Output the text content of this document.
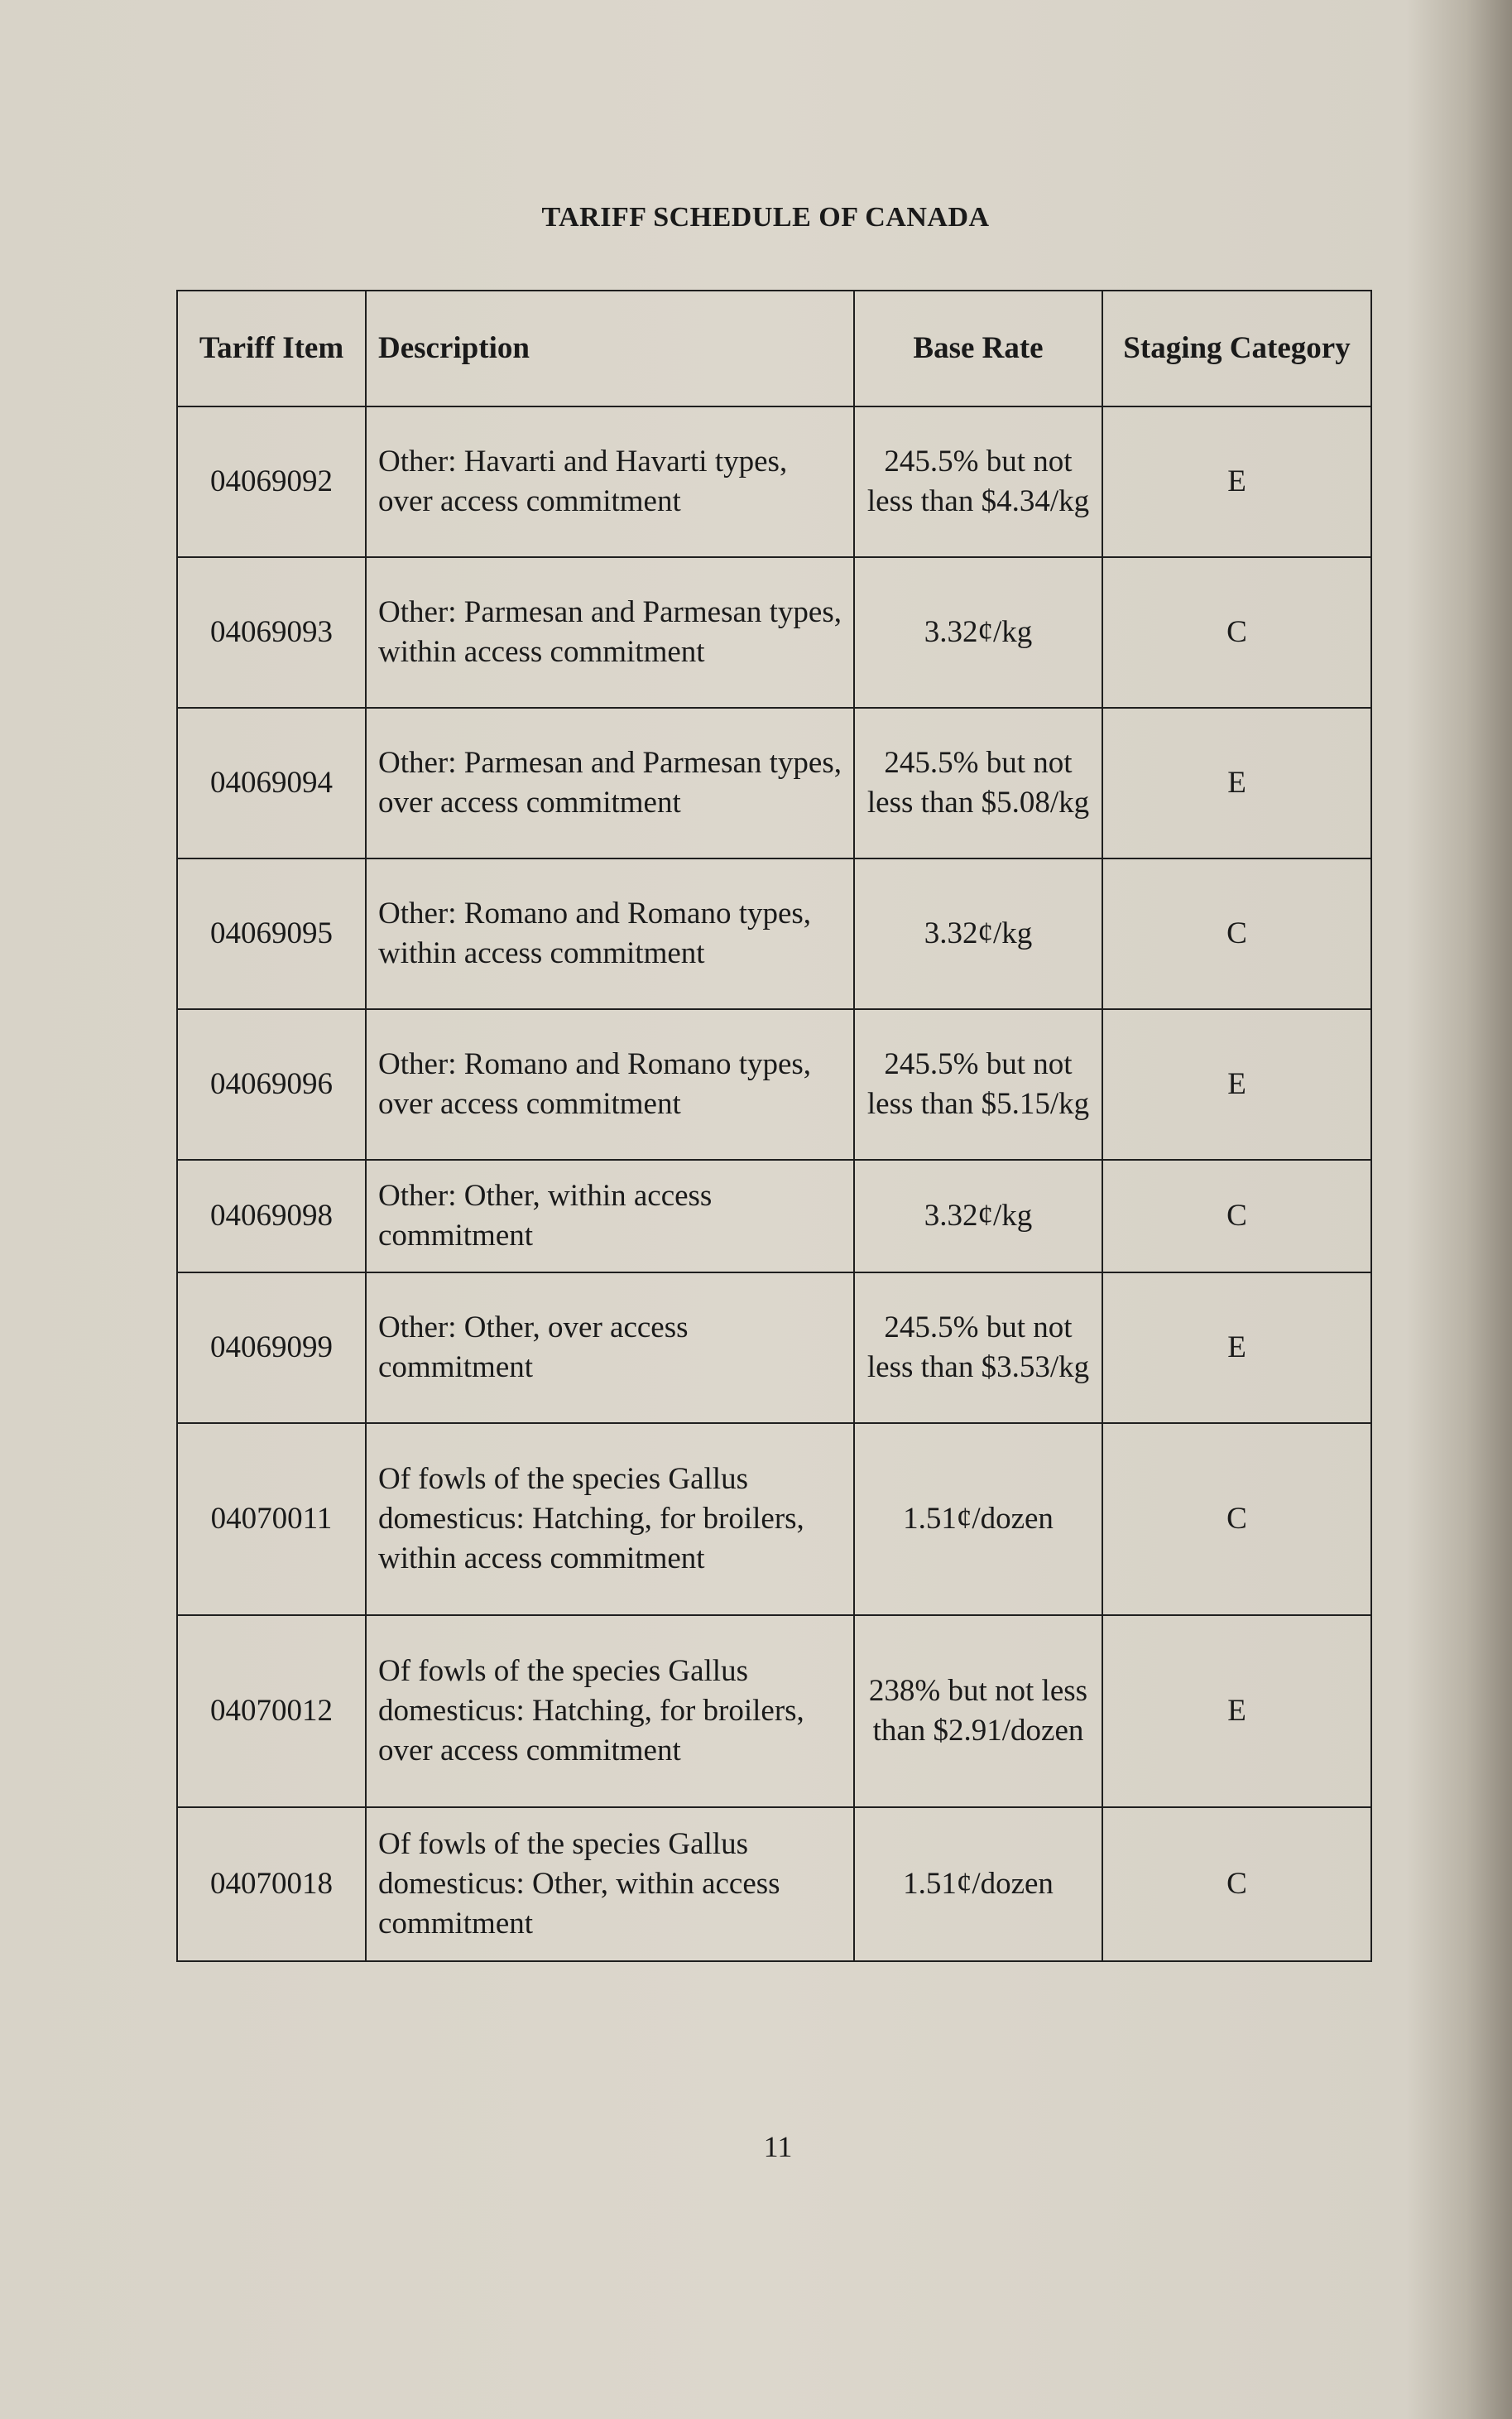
TARIFF SCHEDULE OF CANADA
Tariff Item	Description	Base Rate	Staging Category
04069092	Other: Havarti and Havarti types, over access commitment	245.5% but not less than $4.34/kg	E
04069093	Other: Parmesan and Parmesan types, within access commitment	3.32¢/kg	C
04069094	Other: Parmesan and Parmesan types, over access commitment	245.5% but not less than $5.08/kg	E
04069095	Other: Romano and Romano types, within access commitment	3.32¢/kg	C
04069096	Other: Romano and Romano types, over access commitment	245.5% but not less than $5.15/kg	E
04069098	Other: Other, within access commitment	3.32¢/kg	C
04069099	Other: Other, over access commitment	245.5% but not less than $3.53/kg	E
04070011	Of fowls of the species Gallus domesticus: Hatching, for broilers, within access commitment	1.51¢/dozen	C
04070012	Of fowls of the species Gallus domesticus: Hatching, for broilers, over access commitment	238% but not less than $2.91/dozen	E
04070018	Of fowls of the species Gallus domesticus: Other, within access commitment	1.51¢/dozen	C
11
